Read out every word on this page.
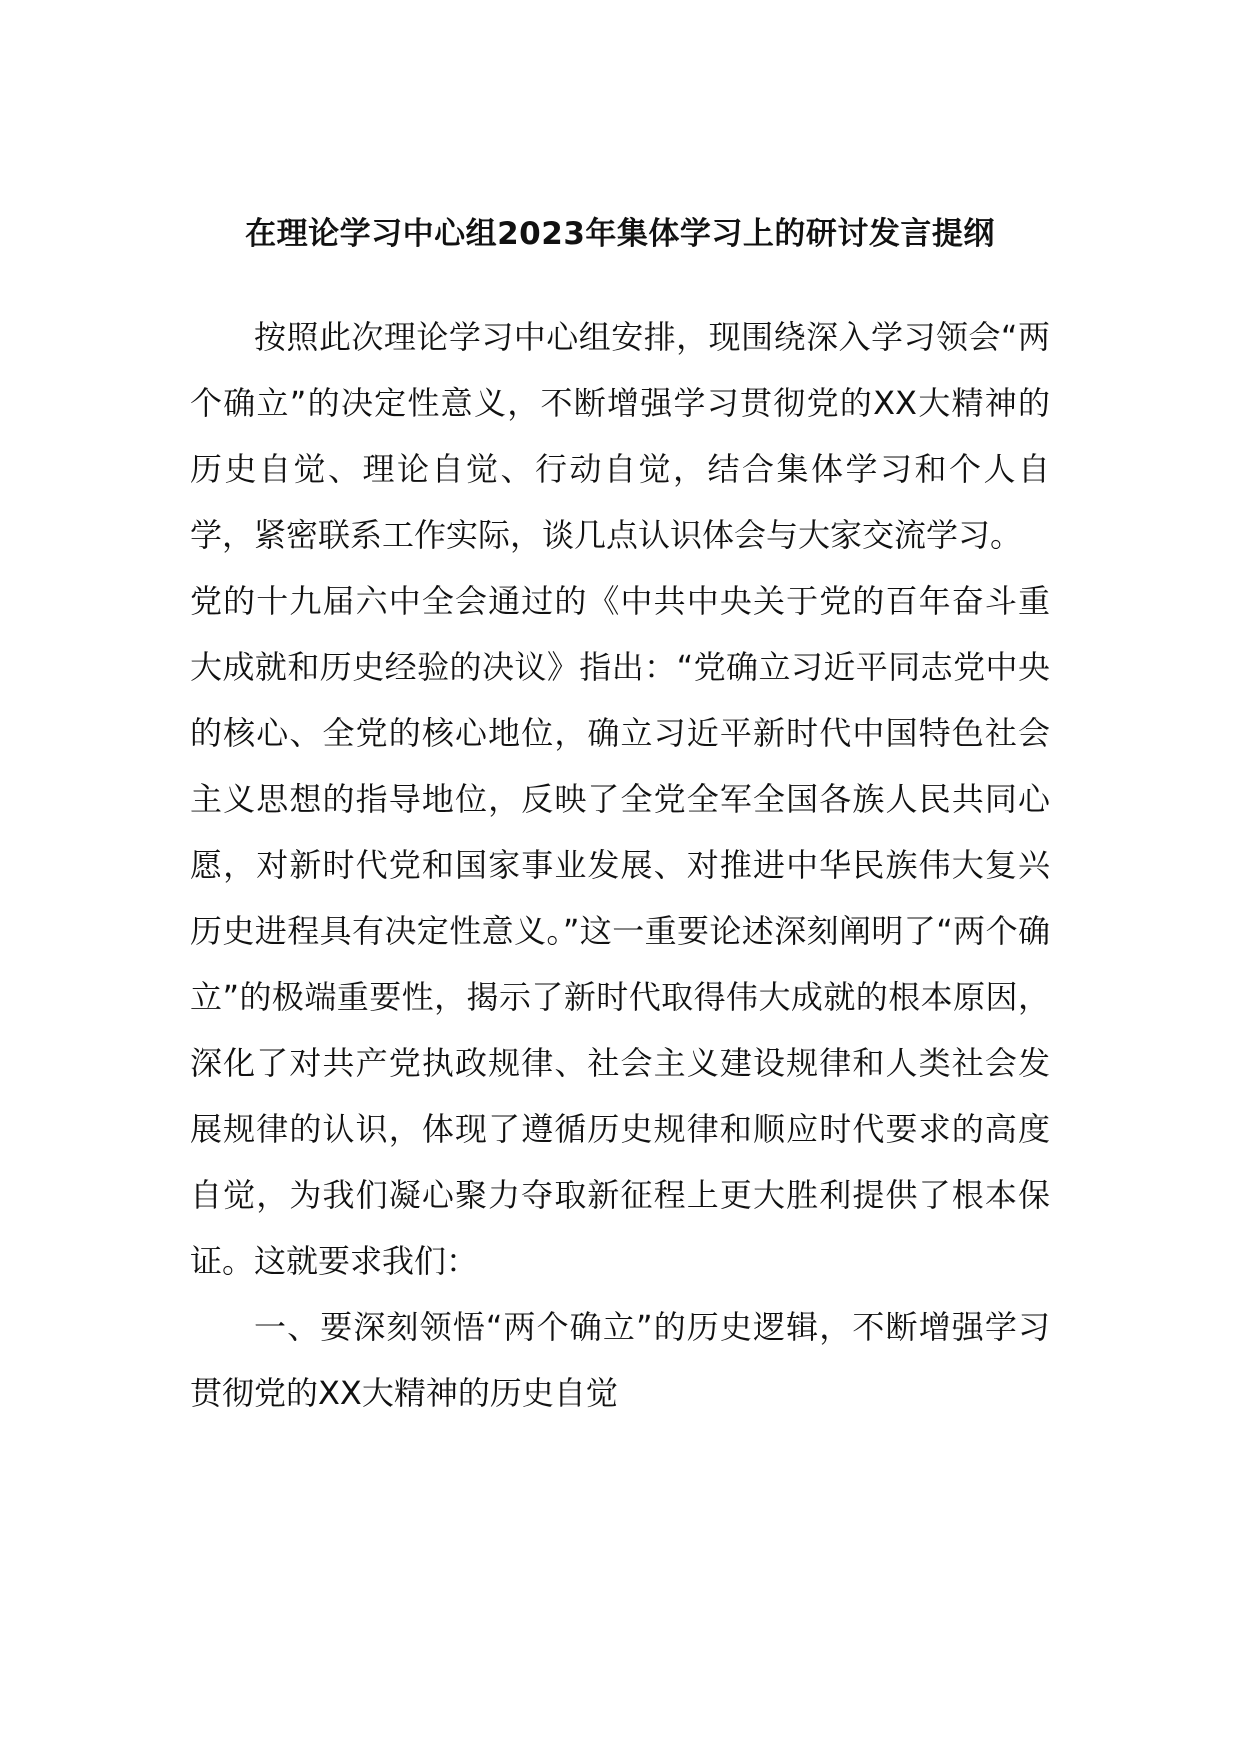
在理论学习中心组2023年集体学习上的研讨发言提纲

按照此次理论学习中心组安排，现围绕深入学习领会“两个确立”的决定性意义，不断增强学习贯彻党的XX大精神的历史自觉、理论自觉、行动自觉，结合集体学习和个人自学，紧密联系工作实际，谈几点认识体会与大家交流学习。

党的十九届六中全会通过的《中共中央关于党的百年奋斗重大成就和历史经验的决议》指出：“党确立习近平同志党中央的核心、全党的核心地位，确立习近平新时代中国特色社会主义思想的指导地位，反映了全党全军全国各族人民共同心愿，对新时代党和国家事业发展、对推进中华民族伟大复兴历史进程具有决定性意义。”这一重要论述深刻阐明了“两个确立”的极端重要性，揭示了新时代取得伟大成就的根本原因，深化了对共产党执政规律、社会主义建设规律和人类社会发展规律的认识，体现了遵循历史规律和顺应时代要求的高度自觉，为我们凝心聚力夺取新征程上更大胜利提供了根本保证。这就要求我们：

一、要深刻领悟“两个确立”的历史逻辑，不断增强学习贯彻党的XX大精神的历史自觉
